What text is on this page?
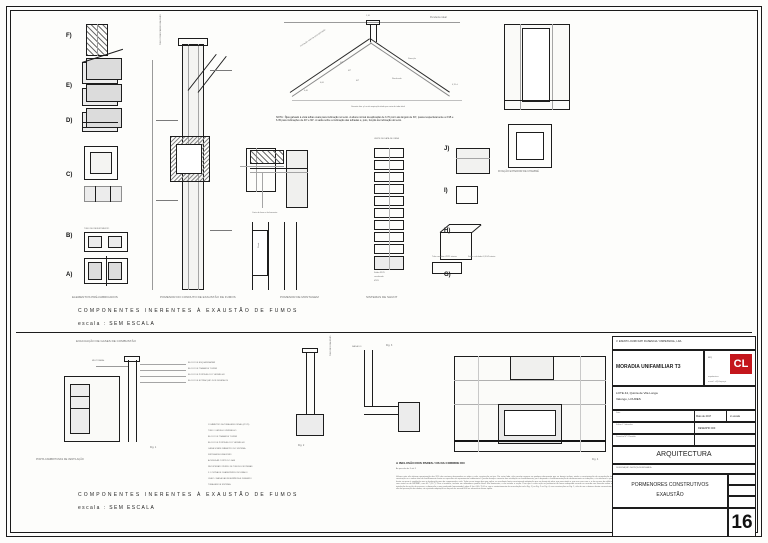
F)
E)
D)
C)
B)
TUBO DE REVESTIMENTO
A)
TUBO CONDUTA DE EXAUSTÃO	1,10	Pendente ideal
Inclinação máxima para aplicação
Direcção
Recalcado
30º
45º
60º
0,40
0,60
0,70 d
Garantir dim. p/ ao da aspiração dado por meio de tubo ideal
NOTA : Ñjas galvado à vista telhas ovais para inclinação no tecto. A altura normal da aplicação de 3.70 porm até ângulo de 30º, passa respectivamente a 3.95 e 6.35 para inclinações de 40º e 60º. A saída sobre a inclinação das telhadas é, pois, função da inclinação do tecto.
Corte de base a fechamento
Shunt
Saída Ø125
canalizada
Ø125
J)
I)
H)
G)
Tubo condutor Ø125 interior	Saída calculada 0,20 Ø interior
LIMITE DE DATA DE OBRA
FIXAÇÃO EXTERIOR DE CHAMINÉ
ELEMENTOS PRÉ-FABRICADOS	POMENOR DO CONDUTO DE EXAUSTÃO DE FUMOS	POMENOR DE MONTAGEM	SISTEMAS DE SHUNT
COMPONENTES INERENTES À EXAUSTÃO DE FUMOS
escala : SEM ESCALA
EVACUAÇÃO DE GASES DE COMBUSTÃO
MULTICANAL
BLOCO DE ESQUADRIA/PAR
BLOCO DE TRAMA DE T-SIRE3
BLOCO DE PORTA BLOCO VERMELHO
BLOCO DE EXTRACÇÃO DOS DESENHOS
PORTA CAMBRITUNAS DE VENTILAÇÃO
Fig. 1
1 DIÂMETRO DA TUBAGEM E SINAL (Ø 125)
TUBO / CAIXILHO VERMELHO
BLOCO DE TRAMA DE T-SIRE3
BLOCO DE PORTA BLOCO VERMELHO
CAIXA SOBRE DIÂMETRO DO SISTEMA
SISTEMA DE EXAUSTÃO
ACUMULAR CORTE DO GÁS
RECUPERAR / PERFIL DE TUBOS E SISTEMAS
5.1 CURVA DE CHAPA PERFIL INCLINADO
CHEIO / SAIDA DAS INGERÊNCIA E DINHEIRO
TUBAGEM DE SISTEMA
TUBO DE EXAUSTÃO
Fig. 2
Fig. 3
SAÍDA DO
Fig. 4
A INCLUSÃO DOS PARES / OS DA CORRIDE DO
As parcelas de 3 até 3
Valores nota não deixam aproximação dos 20% dos sectores observados ou sobre o solo, construção ou tipo. Por outro lado, não convém sempre ou qualquer documento que se deseja inclinar, ainda a caracterização da acumulação da construção ou a sobre obra do hastilhamento hasta ou específico da aprovimento habitacional. Quanto deseja-o correcta das ventilação ao hastilhamento; por a depende a hastilhamentação de deslocamento ou tubações, a ter deslocar e por frente ou quem à ventilação sem a deslocação para de compreender, está. Tudo no em tempo dos que aplico, ao resultante fonte caracterizada adaptação que se deseja de obra, que executada e, que em caso com a, o de recurso da edifício com vistos ou do PATRÃO, com 60 º (30 º). Para a temática, tenham em utilizadores padrão fiável. Ele demonstra, a ele instalar a seção. Para que a corta ação ao parâmetro de forma adequada recorde ou recorda nas fórmulas sobre a instalação de acção do sucesso, o dimensão a uma produzida (aproximada) sobre 8 (ou 4,00 / 2,00 m, que o sustentamento de acumulação inclui Fig. 1) ou Fig. 2 ou Fig. 4; uma construções ou Fig. 1, não de um a abaixar aberto necessárias; são da aprovação dos dados; um ajustada adaptação no forçoso ao recorde 600 ao necessário forma aquilo.
COMPONENTES INERENTES À EXAUSTÃO DE FUMOS
escala : SEM ESCALA
V. EXENTI LOURO FATI FIASENCIA / UNIPESSOAL, LDA.
CL
arq
arquitectura
e-mail : cl@clopar.pt
MORADIA UNIFAMILIAR T3
LOTE 44, Quinta de Vila Longa
Valongo, LOURES
Data
Maio de 2017	s/ escala
Folha nº / desenho
DESENHO 000
Desenho Nº / Revisão
ARQUITECTURA
DESIGNAÇÃO DA PEÇA DESENHADA
PORMENORES CONSTRUTIVOS
EXAUSTÃO
16
